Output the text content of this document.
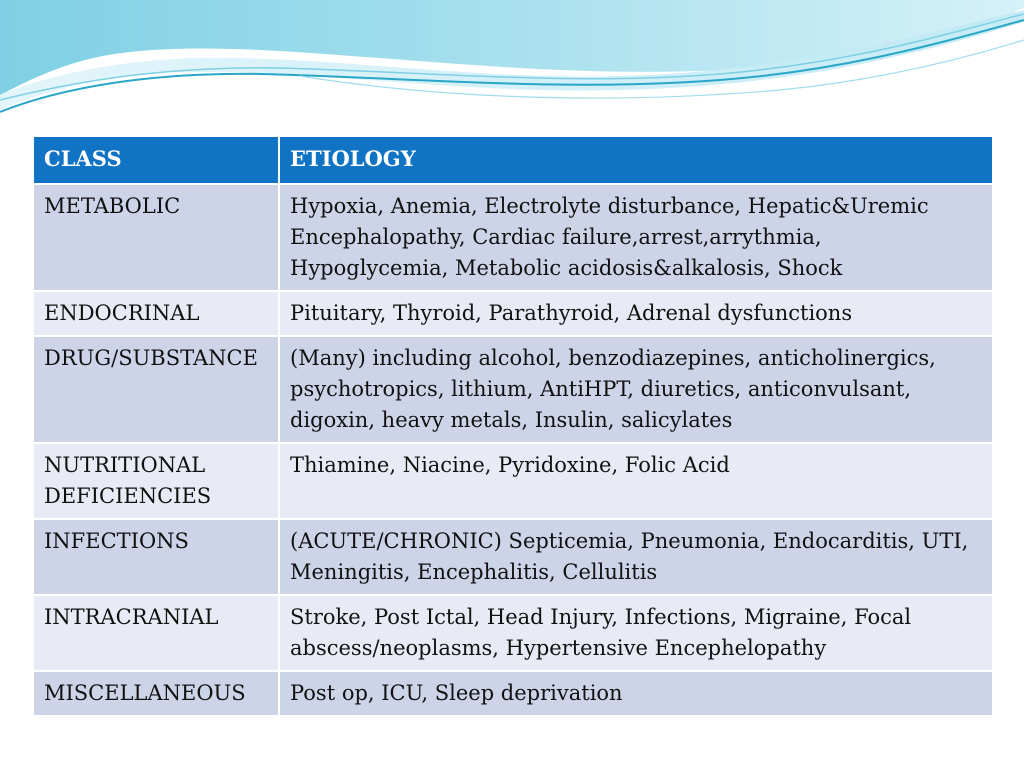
CLASS	ETIOLOGY
METABOLIC	Hypoxia, Anemia, Electrolyte disturbance, Hepatic&Uremic Encephalopathy, Cardiac failure,arrest,arrythmia, Hypoglycemia, Metabolic acidosis&alkalosis, Shock
ENDOCRINAL	Pituitary, Thyroid, Parathyroid, Adrenal dysfunctions
DRUG/SUBSTANCE	(Many) including alcohol, benzodiazepines, anticholinergics, psychotropics, lithium, AntiHPT, diuretics, anticonvulsant, digoxin, heavy metals, Insulin, salicylates
NUTRITIONAL DEFICIENCIES	Thiamine, Niacine, Pyridoxine, Folic Acid
INFECTIONS	(ACUTE/CHRONIC) Septicemia, Pneumonia, Endocarditis, UTI, Meningitis, Encephalitis, Cellulitis
INTRACRANIAL	Stroke, Post Ictal, Head Injury, Infections, Migraine, Focal abscess/neoplasms, Hypertensive Encephelopathy
MISCELLANEOUS	Post op, ICU, Sleep deprivation
